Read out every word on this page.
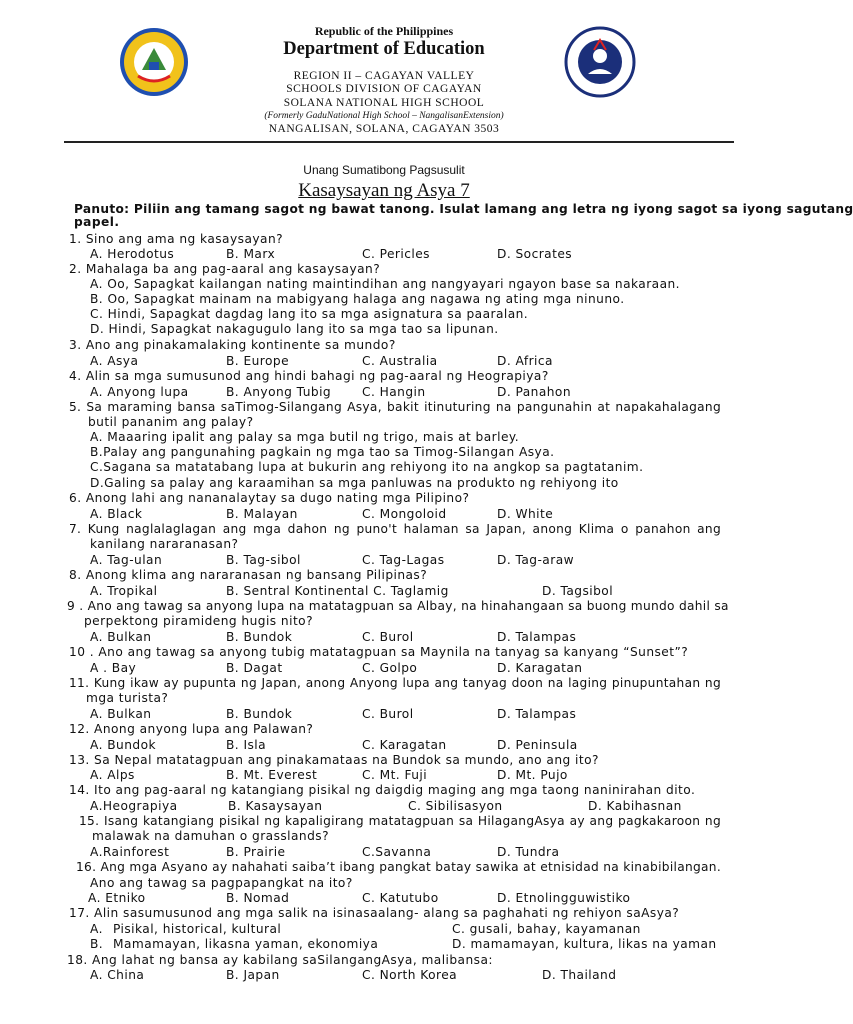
Republic of the Philippines
Department of Education
REGION II – CAGAYAN VALLEY
SCHOOLS DIVISION OF CAGAYAN
SOLANA NATIONAL HIGH SCHOOL
(Formerly GaduNational High School – NangalisanExtension)
NANGALISAN, SOLANA, CAGAYAN 3503
Unang Sumatibong Pagsusulit
Kasaysayan ng Asya 7
Panuto: Piliin ang tamang sagot ng bawat tanong. Isulat lamang ang letra ng iyong sagot sa iyong sagutang
papel.
1. Sino ang ama ng kasaysayan?
A. Herodotus	B. Marx	C. Pericles	D. Socrates
2. Mahalaga ba ang pag-aaral ang kasaysayan?
A. Oo, Sapagkat kailangan nating maintindihan ang nangyayari ngayon base sa nakaraan.
B. Oo, Sapagkat mainam na mabigyang halaga ang nagawa ng ating mga ninuno.
C. Hindi, Sapagkat dagdag lang ito sa mga asignatura sa paaralan.
D. Hindi, Sapagkat nakagugulo lang ito sa mga tao sa lipunan.
3. Ano ang pinakamalaking kontinente sa mundo?
A. Asya	B. Europe	C. Australia	D. Africa
4. Alin sa mga sumusunod ang hindi bahagi ng pag-aaral ng Heograpiya?
A. Anyong lupa	B. Anyong Tubig	C. Hangin	D. Panahon
5. Sa maraming bansa saTimog-Silangang Asya, bakit itinuturing na pangunahin at napakahalagang
butil pananim ang palay?
A. Maaaring ipalit ang palay sa mga butil ng trigo, mais at barley.
B.Palay ang pangunahing pagkain ng mga tao sa Timog-Silangan Asya.
C.Sagana sa matatabang lupa at bukurin ang rehiyong ito na angkop sa pagtatanim.
D.Galing sa palay ang karaamihan sa mga panluwas na produkto ng rehiyong ito
6. Anong lahi ang nananalaytay sa dugo nating mga Pilipino?
A. Black	B. Malayan	C. Mongoloid	D. White
7. Kung naglalaglagan ang mga dahon ng puno't halaman sa Japan, anong Klima o panahon ang
kanilang nararanasan?
A. Tag-ulan	B. Tag-sibol	C. Tag-Lagas	D. Tag-araw
8. Anong klima ang nararanasan ng bansang Pilipinas?
A. Tropikal	B. Sentral Kontinental C. Taglamig	D. Tagsibol
9 . Ano ang tawag sa anyong lupa na matatagpuan sa Albay, na hinahangaan sa buong mundo dahil sa
perpektong piramideng hugis nito?
A. Bulkan	B. Bundok	C. Burol	D. Talampas
10 . Ano ang tawag sa anyong tubig matatagpuan sa Maynila na tanyag sa kanyang “Sunset”?
A . Bay	B. Dagat	C. Golpo	D. Karagatan
11. Kung ikaw ay pupunta ng Japan, anong Anyong lupa ang tanyag doon na laging pinupuntahan ng
mga turista?
A. Bulkan	B. Bundok	C. Burol	D. Talampas
12. Anong anyong lupa ang Palawan?
A. Bundok	B. Isla	C. Karagatan	D. Peninsula
13. Sa Nepal matatagpuan ang pinakamataas na Bundok sa mundo, ano ang ito?
A. Alps	B. Mt. Everest	C. Mt. Fuji	D. Mt. Pujo
14. Ito ang pag-aaral ng katangiang pisikal ng daigdig maging ang mga taong naninirahan dito.
A.Heograpiya	B. Kasaysayan	C. Sibilisasyon	D. Kabihasnan
15. Isang katangiang pisikal ng kapaligirang matatagpuan sa HilagangAsya ay ang pagkakaroon ng
malawak na damuhan o grasslands?
A.Rainforest	B. Prairie	C.Savanna	D. Tundra
16. Ang mga Asyano ay nahahati saiba’t ibang pangkat batay sawika at etnisidad na kinabibilangan.
Ano ang tawag sa pagpapangkat na ito?
A. Etniko	B. Nomad	C. Katutubo	D. Etnolingguwistiko
17. Alin sasumusunod ang mga salik na isinasaalang- alang sa paghahati ng rehiyon saAsya?
A. Pisikal, historical, kultural	C. gusali, bahay, kayamanan
B. Mamamayan, likasna yaman, ekonomiya	D. mamamayan, kultura, likas na yaman
18. Ang lahat ng bansa ay kabilang saSilangangAsya, malibansa:
A. China	B. Japan	C. North Korea	D. Thailand
